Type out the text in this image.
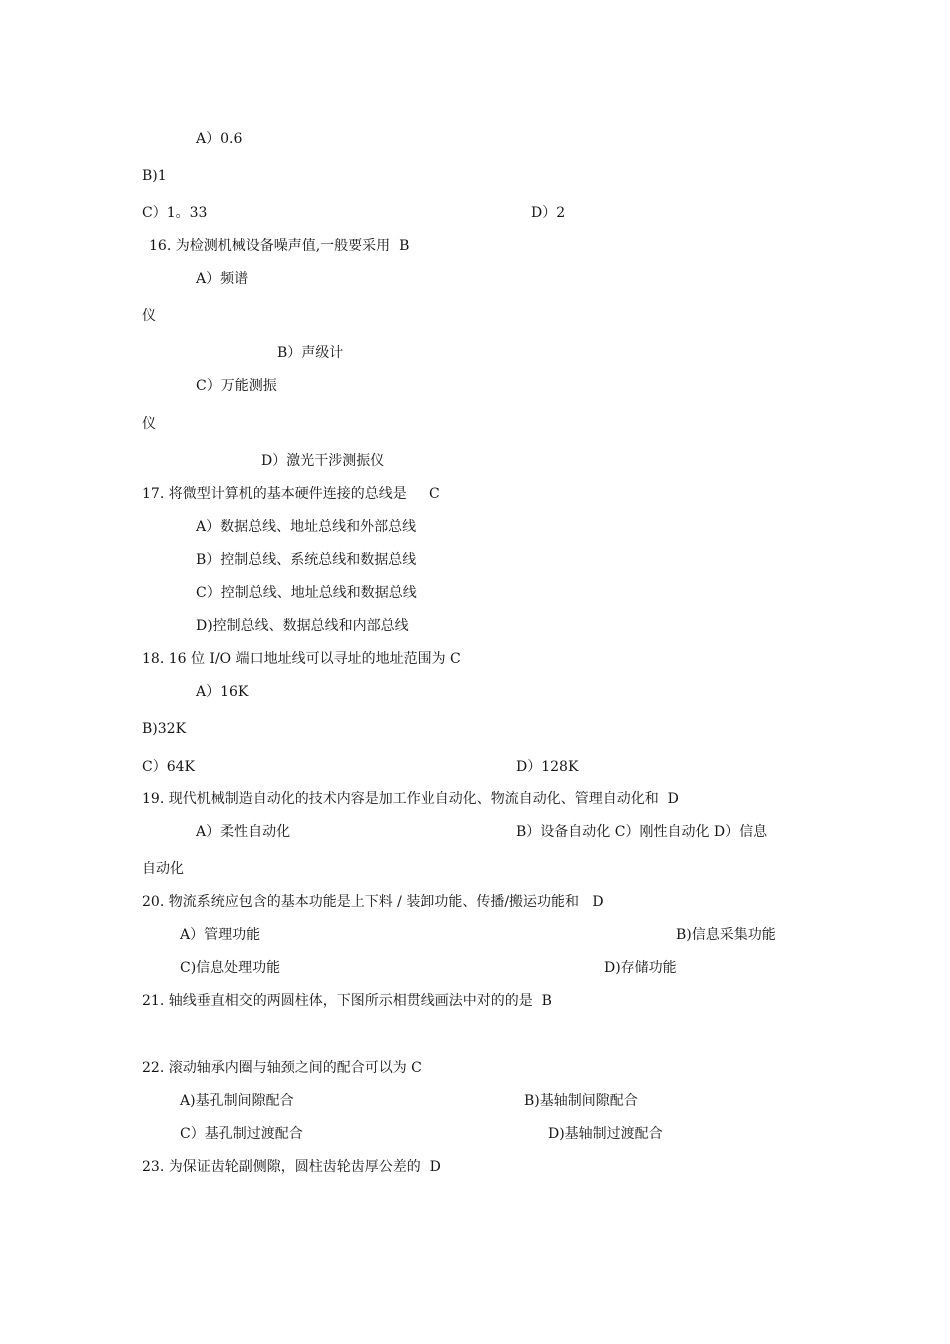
A）0.6
B)1
C）1。33	D）2
16. 为检测机械设备噪声值,一般要采用  B
A）频谱
仪
B）声级计
C）万能测振
仪
D）激光干涉测振仪
17. 将微型计算机的基本硬件连接的总线是     C
A）数据总线、地址总线和外部总线
B）控制总线、系统总线和数据总线
C）控制总线、地址总线和数据总线
D)控制总线、数据总线和内部总线
18. 16 位 I/O 端口地址线可以寻址的地址范围为 C
A）16K
B)32K
C）64K	D）128K
19. 现代机械制造自动化的技术内容是加工作业自动化、物流自动化、管理自动化和  D
A）柔性自动化	B）设备自动化 C）刚性自动化 D）信息
自动化
20. 物流系统应包含的基本功能是上下料 / 装卸功能、传播/搬运功能和   D
A）管理功能	B)信息采集功能
C)信息处理功能	D)存储功能
21. 轴线垂直相交的两圆柱体，下图所示相贯线画法中对的的是  B
22. 滚动轴承内圈与轴颈之间的配合可以为 C
A)基孔制间隙配合	B)基轴制间隙配合
C）基孔制过渡配合	D)基轴制过渡配合
23. 为保证齿轮副侧隙，圆柱齿轮齿厚公差的  D
